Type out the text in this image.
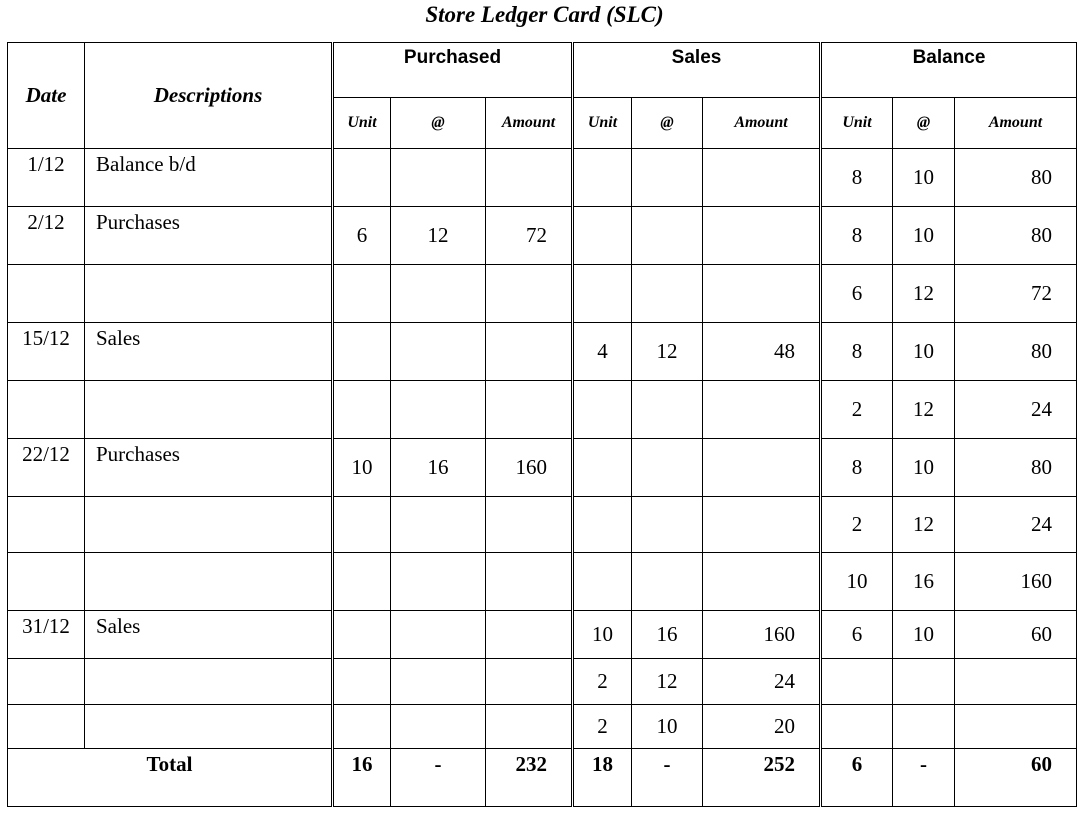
Store Ledger Card (SLC)
Date	Descriptions	Purchased			Sales			Balance		
		Unit	@	Amount	Unit	@	Amount	Unit	@	Amount
1/12	Balance b/d							8	10	80
2/12	Purchases	6	12	72				8	10	80
								6	12	72
15/12	Sales				4	12	48	8	10	80
								2	12	24
22/12	Purchases	10	16	160				8	10	80
								2	12	24
								10	16	160
31/12	Sales				10	16	160	6	10	60
					2	12	24			
					2	10	20			
Total		16	-	232	18	-	252	6	-	60
